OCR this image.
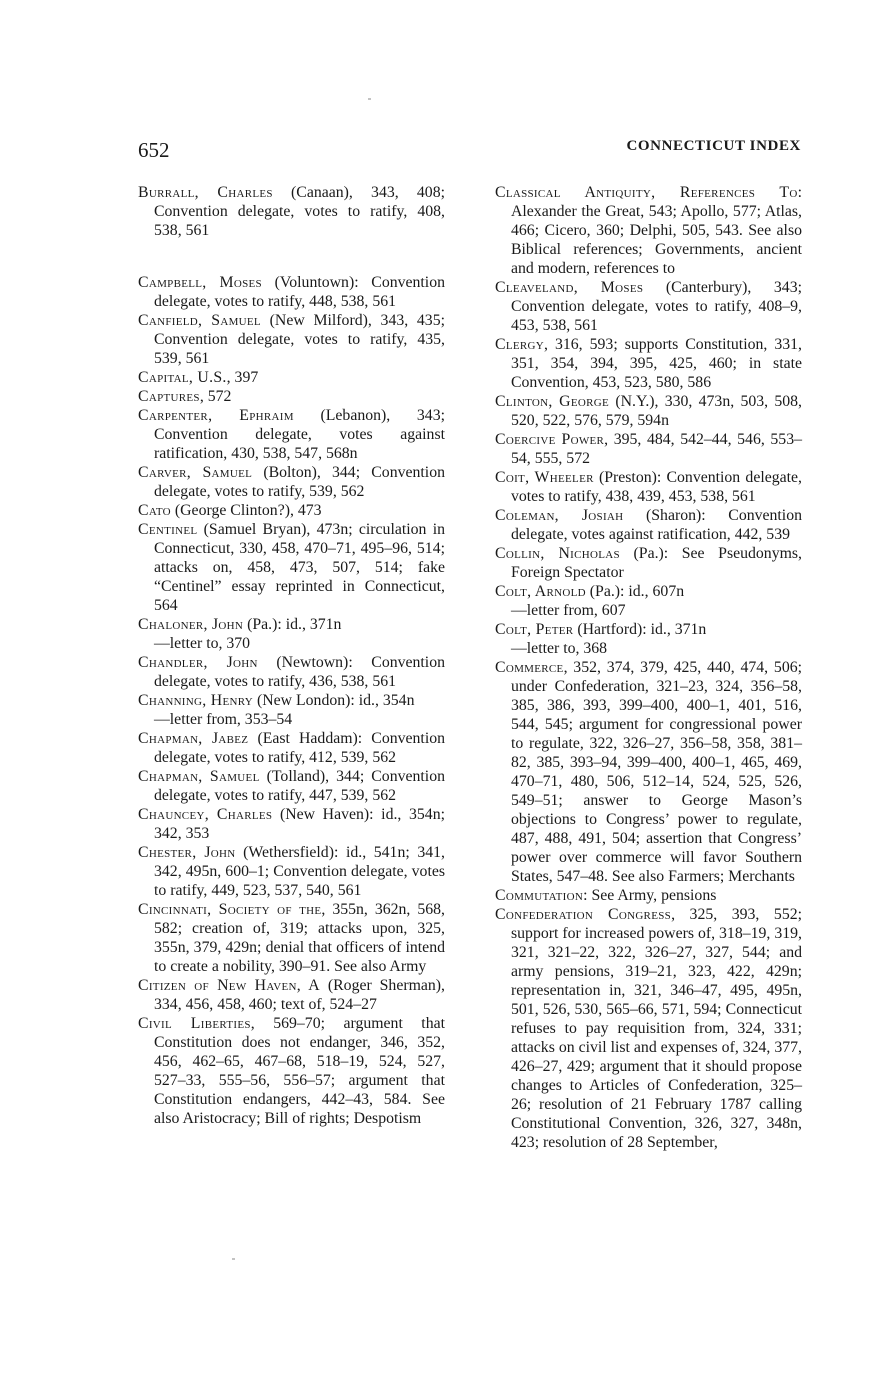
652	CONNECTICUT INDEX

Burrall, Charles (Canaan), 343, 408; Convention delegate, votes to ratify, 408, 538, 561

Campbell, Moses (Voluntown): Convention delegate, votes to ratify, 448, 538, 561

Canfield, Samuel (New Milford), 343, 435; Convention delegate, votes to ratify, 435, 539, 561

Capital, U.S., 397

Captures, 572

Carpenter, Ephraim (Lebanon), 343; Convention delegate, votes against ratification, 430, 538, 547, 568n

Carver, Samuel (Bolton), 344; Convention delegate, votes to ratify, 539, 562

Cato (George Clinton?), 473

Centinel (Samuel Bryan), 473n; circulation in Connecticut, 330, 458, 470–71, 495–96, 514; attacks on, 458, 473, 507, 514; fake “Centinel” essay reprinted in Connecticut, 564

Chaloner, John (Pa.): id., 371n

—letter to, 370

Chandler, John (Newtown): Convention delegate, votes to ratify, 436, 538, 561

Channing, Henry (New London): id., 354n

—letter from, 353–54

Chapman, Jabez (East Haddam): Convention delegate, votes to ratify, 412, 539, 562

Chapman, Samuel (Tolland), 344; Convention delegate, votes to ratify, 447, 539, 562

Chauncey, Charles (New Haven): id., 354n; 342, 353

Chester, John (Wethersfield): id., 541n; 341, 342, 495n, 600–1; Convention delegate, votes to ratify, 449, 523, 537, 540, 561

Cincinnati, Society of the, 355n, 362n, 568, 582; creation of, 319; attacks upon, 325, 355n, 379, 429n; denial that officers of intend to create a nobility, 390–91. See also Army

Citizen of New Haven, A (Roger Sherman), 334, 456, 458, 460; text of, 524–27

Civil Liberties, 569–70; argument that Constitution does not endanger, 346, 352, 456, 462–65, 467–68, 518–19, 524, 527, 527–33, 555–56, 556–57; argument that Constitution endangers, 442–43, 584. See also Aristocracy; Bill of rights; Despotism

Classical Antiquity, References To: Alexander the Great, 543; Apollo, 577; Atlas, 466; Cicero, 360; Delphi, 505, 543. See also Biblical references; Governments, ancient and modern, references to

Cleaveland, Moses (Canterbury), 343; Convention delegate, votes to ratify, 408–9, 453, 538, 561

Clergy, 316, 593; supports Constitution, 331, 351, 354, 394, 395, 425, 460; in state Convention, 453, 523, 580, 586

Clinton, George (N.Y.), 330, 473n, 503, 508, 520, 522, 576, 579, 594n

Coercive Power, 395, 484, 542–44, 546, 553–54, 555, 572

Coit, Wheeler (Preston): Convention delegate, votes to ratify, 438, 439, 453, 538, 561

Coleman, Josiah (Sharon): Convention delegate, votes against ratification, 442, 539

Collin, Nicholas (Pa.): See Pseudonyms, Foreign Spectator

Colt, Arnold (Pa.): id., 607n

—letter from, 607

Colt, Peter (Hartford): id., 371n

—letter to, 368

Commerce, 352, 374, 379, 425, 440, 474, 506; under Confederation, 321–23, 324, 356–58, 385, 386, 393, 399–400, 400–1, 401, 516, 544, 545; argument for congressional power to regulate, 322, 326–27, 356–58, 358, 381–82, 385, 393–94, 399–400, 400–1, 465, 469, 470–71, 480, 506, 512–14, 524, 525, 526, 549–51; answer to George Mason’s objections to Congress’ power to regulate, 487, 488, 491, 504; assertion that Congress’ power over commerce will favor Southern States, 547–48. See also Farmers; Merchants

Commutation: See Army, pensions

Confederation Congress, 325, 393, 552; support for increased powers of, 318–19, 319, 321, 321–22, 322, 326–27, 327, 544; and army pensions, 319–21, 323, 422, 429n; representation in, 321, 346–47, 495, 495n, 501, 526, 530, 565–66, 571, 594; Connecticut refuses to pay requisition from, 324, 331; attacks on civil list and expenses of, 324, 377, 426–27, 429; argument that it should propose changes to Articles of Confederation, 325–26; resolution of 21 February 1787 calling Constitutional Convention, 326, 327, 348n, 423; resolution of 28 September,
